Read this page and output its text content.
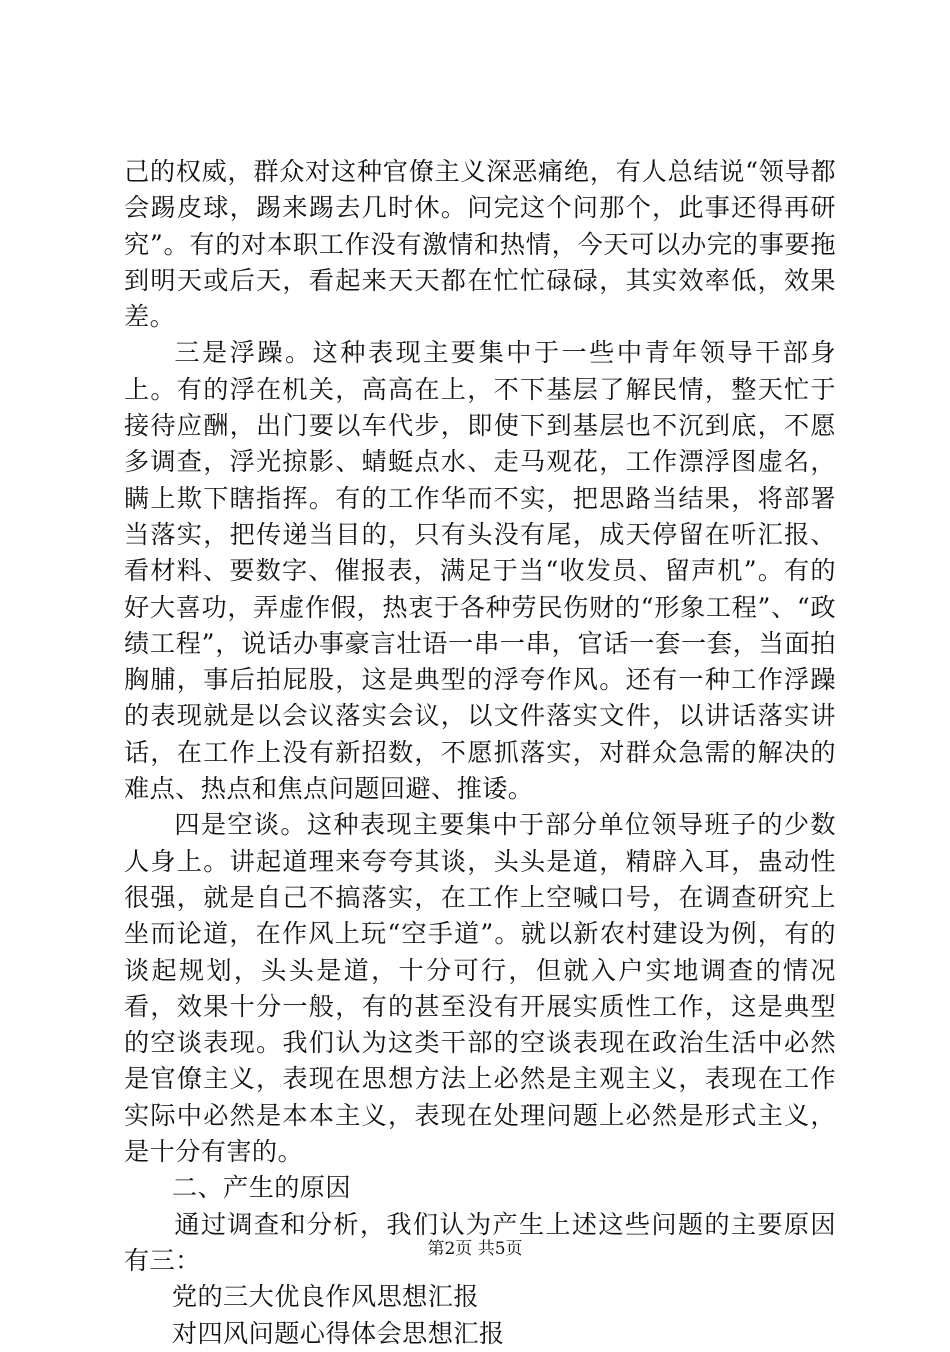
己的权威，群众对这种官僚主义深恶痛绝，有人总结说“领导都会踢皮球，踢来踢去几时休。问完这个问那个，此事还得再研究”。有的对本职工作没有激情和热情，今天可以办完的事要拖到明天或后天，看起来天天都在忙忙碌碌，其实效率低，效果差。

三是浮躁。这种表现主要集中于一些中青年领导干部身上。有的浮在机关，高高在上，不下基层了解民情，整天忙于接待应酬，出门要以车代步，即使下到基层也不沉到底，不愿多调查，浮光掠影、蜻蜓点水、走马观花，工作漂浮图虚名，瞒上欺下瞎指挥。有的工作华而不实，把思路当结果，将部署当落实，把传递当目的，只有头没有尾，成天停留在听汇报、看材料、要数字、催报表，满足于当“收发员、留声机”。有的好大喜功，弄虚作假，热衷于各种劳民伤财的“形象工程”、“政绩工程”，说话办事豪言壮语一串一串，官话一套一套，当面拍胸脯，事后拍屁股，这是典型的浮夸作风。还有一种工作浮躁的表现就是以会议落实会议，以文件落实文件，以讲话落实讲话，在工作上没有新招数，不愿抓落实，对群众急需的解决的难点、热点和焦点问题回避、推诿。

四是空谈。这种表现主要集中于部分单位领导班子的少数人身上。讲起道理来夸夸其谈，头头是道，精辟入耳，蛊动性很强，就是自己不搞落实，在工作上空喊口号，在调查研究上坐而论道，在作风上玩“空手道”。就以新农村建设为例，有的谈起规划，头头是道，十分可行，但就入户实地调查的情况看，效果十分一般，有的甚至没有开展实质性工作，这是典型的空谈表现。我们认为这类干部的空谈表现在政治生活中必然是官僚主义，表现在思想方法上必然是主观主义，表现在工作实际中必然是本本主义，表现在处理问题上必然是形式主义，是十分有害的。

二、产生的原因

通过调查和分析，我们认为产生上述这些问题的主要原因有三：

党的三大优良作风思想汇报

对四风问题心得体会思想汇报

第2页 共5页
